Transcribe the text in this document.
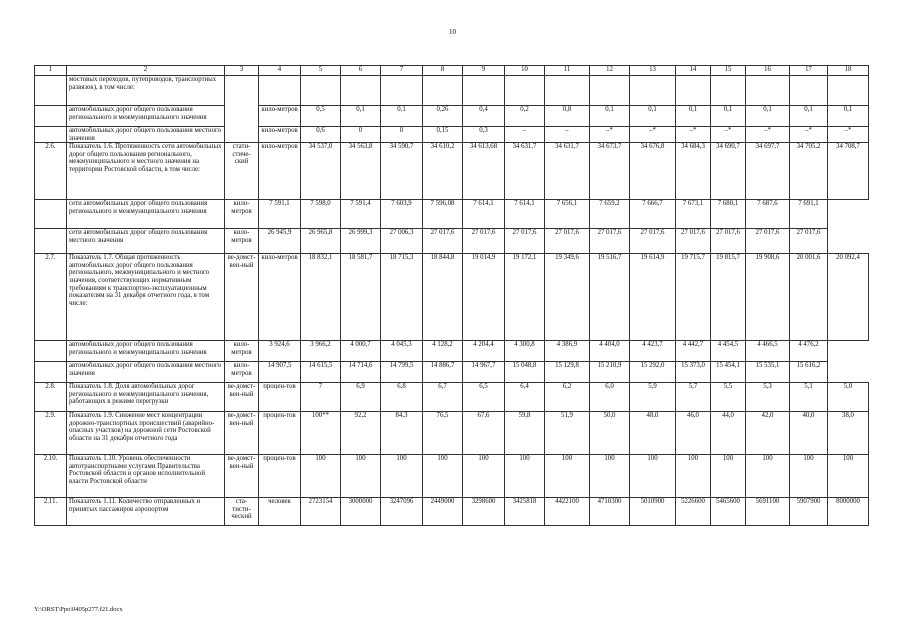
10
1	2	3	4	5	6	7	8	9	10	11	12	13	14	15	16	17	18
	мостовых переходов, путепроводов, транспортных развязок), в том числе:																
	автомобильных дорог общего пользования регионального и межмуниципального значения		кило-метров	0,5	0,1	0,1	0,26	0,4	0,2	0,8	0,1	0,1	0,1	0,1	0,1	0,1	0,1
	автомобильных дорог общего пользования местного значения		кило-метров	0,6	0	0	0,15	0,3	–	–	–*	–*	–*	–*	–*	–*	–*
2.6.	Показатель 1.6. Протяженность сети автомобильных дорог общего пользования регионального, межмуниципального и местного значения на территории Ростовской области, в том числе:	стати-стиче-ский	кило-метров	34 537,0	34 563,8	34 590,7	34 610,2	34 613,68	34 631,7	34 631,7	34 673,7	34 676,8	34 684,3	34 690,7	34 697,7	34 705,2	34 708,7
	сети автомобильных дорог общего пользования регионального и межмуниципального значения	кило-метров	7 591,1	7 598,0	7 591,4	7 603,9	7 596,08	7 614,1	7 614,1	7 656,1	7 659,2	7 666,7	7 673,1	7 680,1	7 687,6	7 691,1	
	сети автомобильных дорог общего пользования местного значения	кило-метров	26 945,9	26 965,8	26 999,3	27 006,3	27 017,6	27 017,6	27 017,6	27 017,6	27 017,6	27 017,6	27 017,6	27 017,6	27 017,6	27 017,6	
2.7.	Показатель 1.7. Общая протяженность автомобильных дорог общего пользования регионального, межмуниципального и местного значения, соответствующих нормативным требованиям к транспортно-эксплуатационным показателям на 31 декабря отчетного года, в том числе:	ве-домст-вен-ный	кило-метров	18 832,1	18 581,7	18 715,3	18 844,8	19 014,9	19 172,1	19 349,6	19 516,7	19 614,9	19 715,7	19 815,7	19 908,6	20 001,6	20 092,4
	автомобильных дорог общего пользования регионального и межмуниципального значения	кило-метров	3 924,6	3 966,2	4 000,7	4 045,3	4 128,2	4 204,4	4 300,8	4 386,9	4 404,0	4 423,7	4 442,7	4 454,5	4 466,5	4 476,2	
	автомобильных дорог общего пользования местного значения	кило-метров	14 907,5	14 615,5	14 714,6	14 799,5	14 886,7	14 967,7	15 048,8	15 129,8	15 210,9	15 292,0	15 373,0	15 454,1	15 535,1	15 616,2	
2.8.	Показатель 1.8. Доля автомобильных дорог регионального и межмуниципального значения, работающих в режиме перегрузки	ве-домст-вен-ный	процен-тов	7	6,9	6,8	6,7	6,5	6,4	6,2	6,0	5,9	5,7	5,5	5,3	5,1	5,0
2.9.	Показатель 1.9. Снижение мест концентрации дорожно-транспортных происшествий (аварийно-опасных участков) на дорожной сети Ростовской области на 31 декабря отчетного года	ве-домст-вен-ный	процен-тов	100**	92,2	84,3	76,5	67,6	59,8	51,9	50,0	48,0	46,0	44,0	42,0	40,0	38,0
2.10.	Показатель 1.10. Уровень обеспеченности автотранспортными услугами Правительства Ростовской области и органов исполнительной власти Ростовской области	ве-домст-вен-ный	процен-тов	100	100	100	100	100	100	100	100	100	100	100	100	100	100
2.11.	Показатель 1.11. Количество отправленных и принятых пассажиров аэропортом	ста-тисти-ческий	человек	2723154	3000000	3247096	2449000	3298600	3425818	4422100	4710300	5010900	5226600	5465600	5691100	5907900	8000000
Y:\ORST\Ppo\0405p277.f21.docx
